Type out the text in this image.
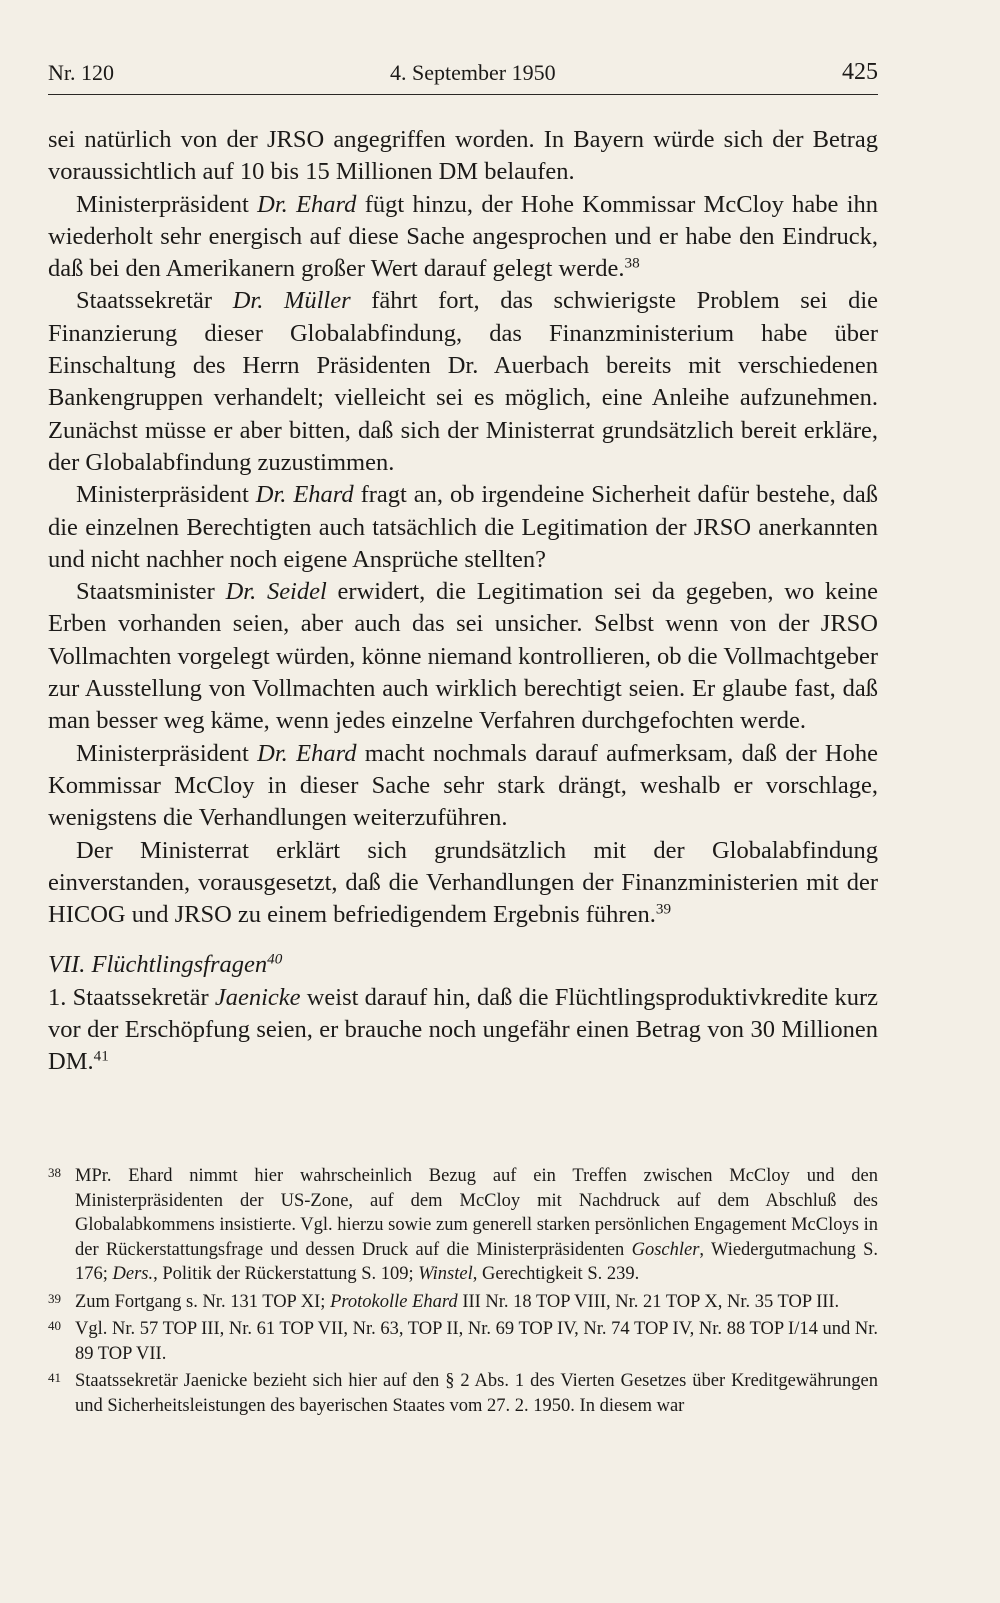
Nr. 120	4. September 1950	425

sei natürlich von der JRSO angegriffen worden. In Bayern würde sich der Betrag voraussichtlich auf 10 bis 15 Millionen DM belaufen.

Ministerpräsident Dr. Ehard fügt hinzu, der Hohe Kommissar McCloy habe ihn wiederholt sehr energisch auf diese Sache angesprochen und er habe den Eindruck, daß bei den Amerikanern großer Wert darauf gelegt werde.$^{38}$

Staatssekretär Dr. Müller fährt fort, das schwierigste Problem sei die Finanzierung dieser Globalabfindung, das Finanzministerium habe über Einschaltung des Herrn Präsidenten Dr. Auerbach bereits mit verschiedenen Bankengruppen verhandelt; vielleicht sei es möglich, eine Anleihe aufzunehmen. Zunächst müsse er aber bitten, daß sich der Ministerrat grundsätzlich bereit erkläre, der Globalabfindung zuzustimmen.

Ministerpräsident Dr. Ehard fragt an, ob irgendeine Sicherheit dafür bestehe, daß die einzelnen Berechtigten auch tatsächlich die Legitimation der JRSO anerkannten und nicht nachher noch eigene Ansprüche stellten?

Staatsminister Dr. Seidel erwidert, die Legitimation sei da gegeben, wo keine Erben vorhanden seien, aber auch das sei unsicher. Selbst wenn von der JRSO Vollmachten vorgelegt würden, könne niemand kontrollieren, ob die Vollmachtgeber zur Ausstellung von Vollmachten auch wirklich berechtigt seien. Er glaube fast, daß man besser weg käme, wenn jedes einzelne Verfahren durchgefochten werde.

Ministerpräsident Dr. Ehard macht nochmals darauf aufmerksam, daß der Hohe Kommissar McCloy in dieser Sache sehr stark drängt, weshalb er vorschlage, wenigstens die Verhandlungen weiterzuführen.

Der Ministerrat erklärt sich grundsätzlich mit der Globalabfindung einverstanden, vorausgesetzt, daß die Verhandlungen der Finanzministerien mit der HICOG und JRSO zu einem befriedigendem Ergebnis führen.$^{39}$

VII. Flüchtlingsfragen$^{40}$

1. Staatssekretär Jaenicke weist darauf hin, daß die Flüchtlingsproduktivkredite kurz vor der Erschöpfung seien, er brauche noch ungefähr einen Betrag von 30 Millionen DM.$^{41}$

38 MPr. Ehard nimmt hier wahrscheinlich Bezug auf ein Treffen zwischen McCloy und den Ministerpräsidenten der US-Zone, auf dem McCloy mit Nachdruck auf dem Abschluß des Globalabkommens insistierte. Vgl. hierzu sowie zum generell starken persönlichen Engagement McCloys in der Rückerstattungsfrage und dessen Druck auf die Ministerpräsidenten Goschler, Wiedergutmachung S. 176; Ders., Politik der Rückerstattung S. 109; Winstel, Gerechtigkeit S. 239.
39 Zum Fortgang s. Nr. 131 TOP XI; Protokolle Ehard III Nr. 18 TOP VIII, Nr. 21 TOP X, Nr. 35 TOP III.
40 Vgl. Nr. 57 TOP III, Nr. 61 TOP VII, Nr. 63, TOP II, Nr. 69 TOP IV, Nr. 74 TOP IV, Nr. 88 TOP I/14 und Nr. 89 TOP VII.
41 Staatssekretär Jaenicke bezieht sich hier auf den § 2 Abs. 1 des Vierten Gesetzes über Kreditgewährungen und Sicherheitsleistungen des bayerischen Staates vom 27. 2. 1950. In diesem war
